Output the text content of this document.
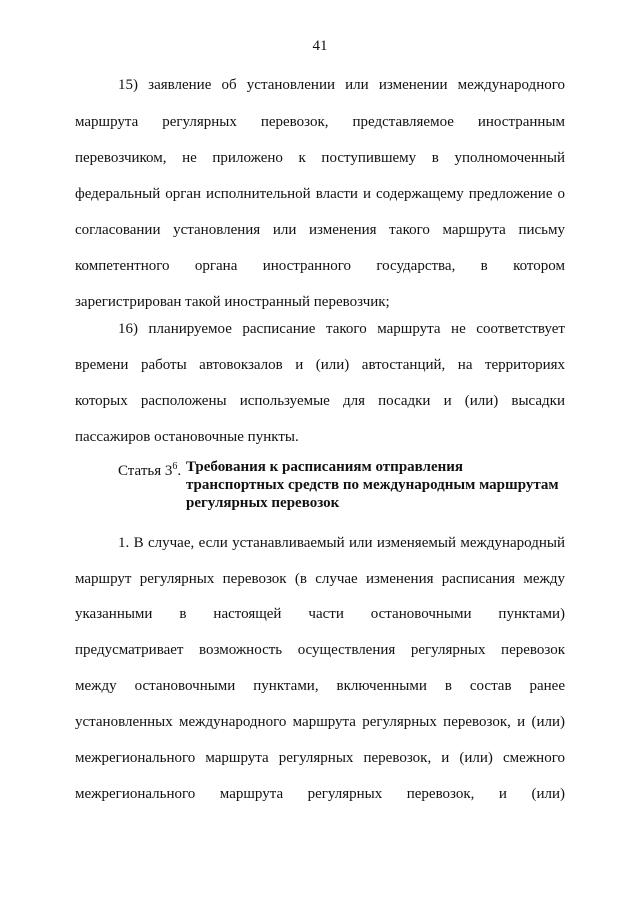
41
15) заявление об установлении или изменении международного
маршрута регулярных перевозок, представляемое иностранным
перевозчиком, не приложено к поступившему в уполномоченный
федеральный орган исполнительной власти и содержащему предложение о
согласовании установления или изменения такого маршрута письму
компетентного органа иностранного государства, в котором
зарегистрирован такой иностранный перевозчик;
16) планируемое расписание такого маршрута не соответствует
времени работы автовокзалов и (или) автостанций, на территориях
которых расположены используемые для посадки и (или) высадки
пассажиров остановочные пункты.
Статья $3^6$. Требования к расписаниям отправления
транспортных средств по международным маршрутам
регулярных перевозок
1. В случае, если устанавливаемый или изменяемый международный
маршрут регулярных перевозок (в случае изменения расписания между
указанными в настоящей части остановочными пунктами)
предусматривает возможность осуществления регулярных перевозок
между остановочными пунктами, включенными в состав ранее
установленных международного маршрута регулярных перевозок, и (или)
межрегионального маршрута регулярных перевозок, и (или) смежного
межрегионального маршрута регулярных перевозок, и (или)
